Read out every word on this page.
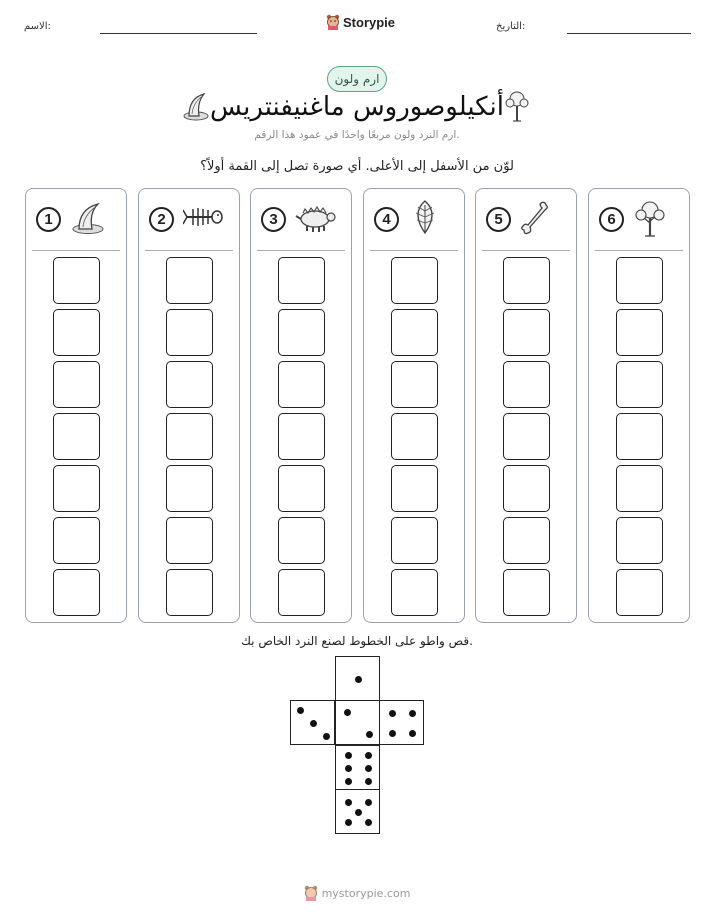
الاسم:	Storypie	التاريخ:
ارم ولون
أنكيلوصوروس ماغنيفنتريس
ارم النرد ولون مربعًا واحدًا في عمود هذا الرقم.
لوّن من الأسفل إلى الأعلى. أي صورة تصل إلى القمة أولاً؟
1	2	3	4	5	6
قص واطو على الخطوط لصنع النرد الخاص بك.
mystorypie.com
